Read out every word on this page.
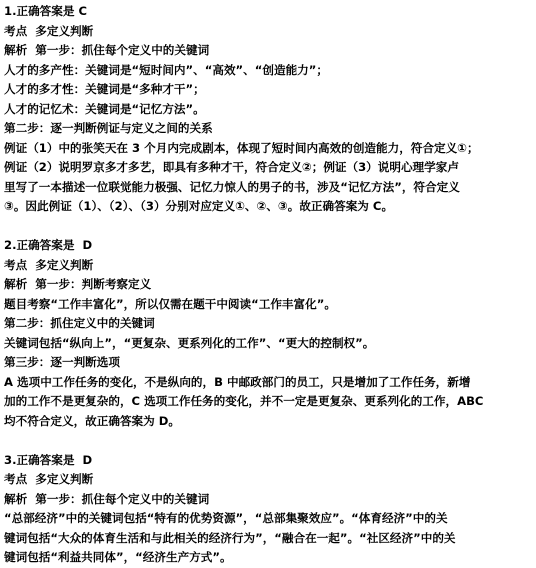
1.正确答案是 C
考点  多定义判断
解析  第一步：抓住每个定义中的关键词
人才的多产性：关键词是“短时间内”、“高效”、“创造能力”；
人才的多才性：关键词是“多种才干”；
人才的记忆术：关键词是“记忆方法”。
第二步：逐一判断例证与定义之间的关系
例证（1）中的张笑天在 3 个月内完成剧本，体现了短时间内高效的创造能力，符合定义①；
例证（2）说明罗京多才多艺，即具有多种才干，符合定义②；例证（3）说明心理学家卢
里写了一本描述一位联觉能力极强、记忆力惊人的男子的书，涉及“记忆方法”，符合定义
③。因此例证（1）、（2）、（3）分别对应定义①、②、③。故正确答案为 C。
2.正确答案是  D
考点  多定义判断
解析  第一步：判断考察定义
题目考察“工作丰富化”，所以仅需在题干中阅读“工作丰富化”。
第二步：抓住定义中的关键词
关键词包括“纵向上”，“更复杂、更系列化的工作”、“更大的控制权”。
第三步：逐一判断选项
A 选项中工作任务的变化，不是纵向的，B 中邮政部门的员工，只是增加了工作任务，新增
加的工作不是更复杂的，C 选项工作任务的变化，并不一定是更复杂、更系列化的工作，ABC
均不符合定义，故正确答案为 D。
3.正确答案是  D
考点  多定义判断
解析  第一步：抓住每个定义中的关键词
“总部经济”中的关键词包括“特有的优势资源”，“总部集聚效应”。“体育经济”中的关
键词包括“大众的体育生活和与此相关的经济行为”，“融合在一起”。“社区经济”中的关
键词包括“利益共同体”，“经济生产方式”。
